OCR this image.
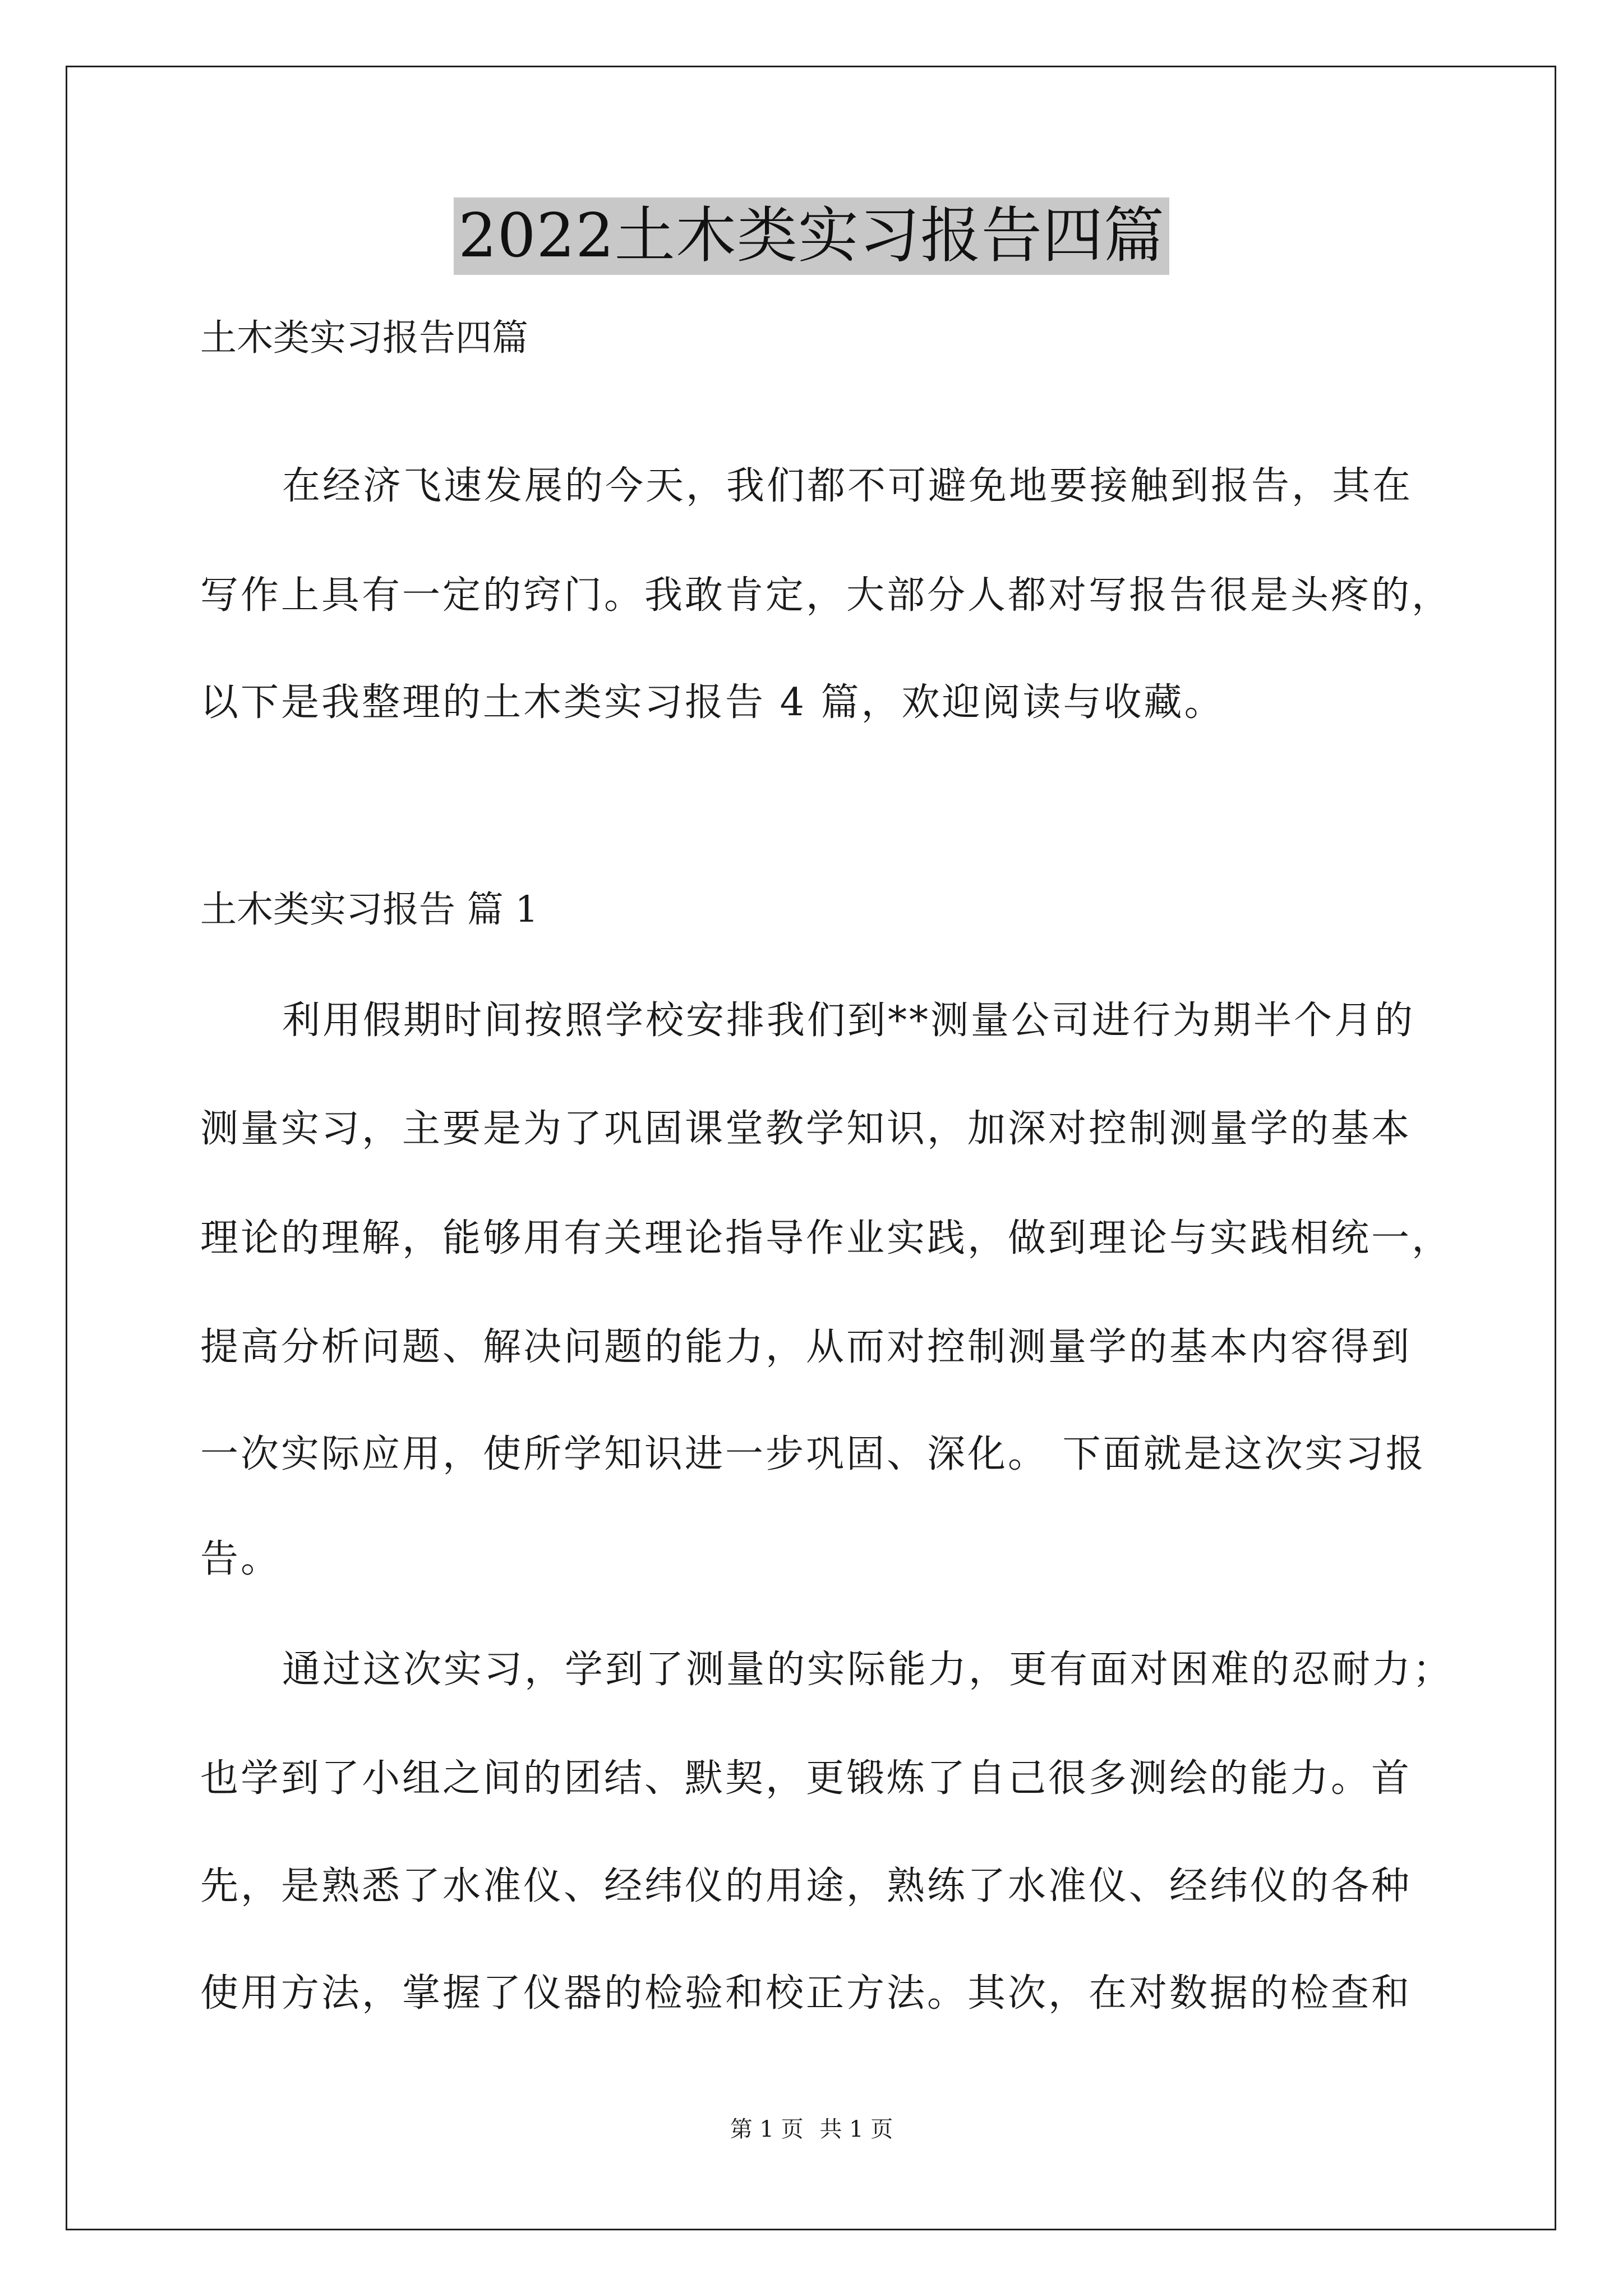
2022土木类实习报告四篇
土木类实习报告四篇
在经济飞速发展的今天，我们都不可避免地要接触到报告，其在
写作上具有一定的窍门。我敢肯定，大部分人都对写报告很是头疼的，
以下是我整理的土木类实习报告 4 篇，欢迎阅读与收藏。
土木类实习报告 篇 1
利用假期时间按照学校安排我们到**测量公司进行为期半个月的
测量实习，主要是为了巩固课堂教学知识，加深对控制测量学的基本
理论的理解，能够用有关理论指导作业实践，做到理论与实践相统一，
提高分析问题、解决问题的能力，从而对控制测量学的基本内容得到
一次实际应用，使所学知识进一步巩固、深化。 下面就是这次实习报
告。
通过这次实习，学到了测量的实际能力，更有面对困难的忍耐力；
也学到了小组之间的团结、默契，更锻炼了自己很多测绘的能力。首
先，是熟悉了水准仪、经纬仪的用途，熟练了水准仪、经纬仪的各种
使用方法，掌握了仪器的检验和校正方法。其次，在对数据的检查和
第 1 页 共 1 页
